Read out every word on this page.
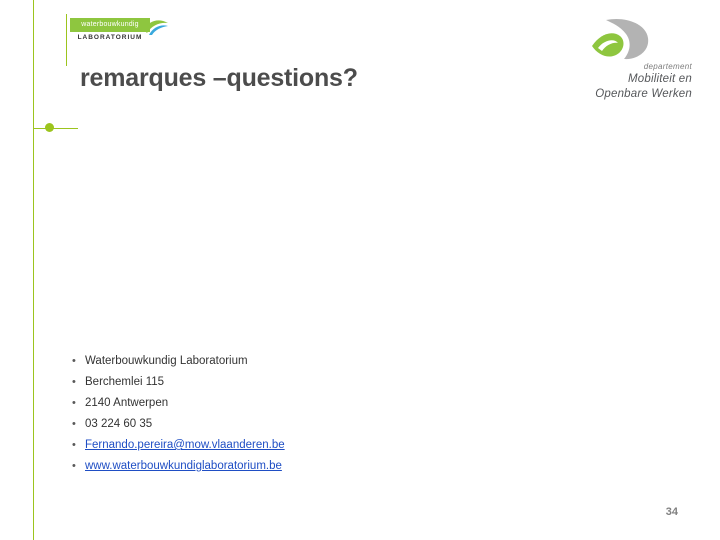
waterbouwkundig
LABORATORIUM
departement
Mobiliteit en
Openbare Werken
remarques –questions?
• Waterbouwkundig Laboratorium
• Berchemlei 115
• 2140 Antwerpen
• 03 224 60 35
• Fernando.pereira@mow.vlaanderen.be
• www.waterbouwkundiglaboratorium.be
34
